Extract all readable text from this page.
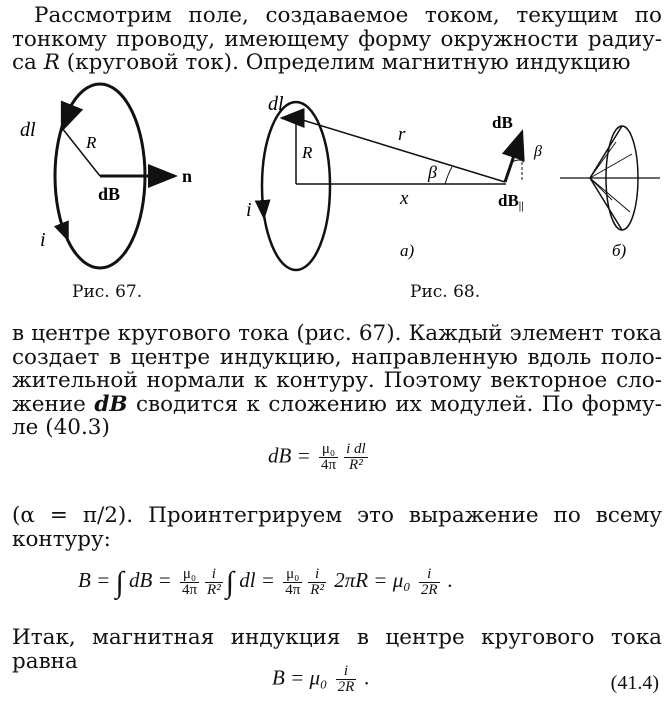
Рассмотрим поле, создаваемое током, текущим по
тонкому проводу, имеющему форму окружности радиу-
са R (круговой ток). Определим магнитную индукцию
dl
R
dB
n
i
dl
R
r
x
β
β
dB
dB||
i
а)	б)
Рис. 67.	Рис. 68.
в центре кругового тока (рис. 67). Каждый элемент тока
создает в центре индукцию, направленную вдоль поло-
жительной нормали к контуру. Поэтому векторное сло-
жение dB сводится к сложению их модулей. По форму-
ле (40.3)
dB = $\frac{\text{μ₀}}{4\pi} \frac{\text{i dl}}{\text{R²}}$
(α = π/2). Проинтегрируем это выражение по всему
контуру:
B = ∫ dB = $\frac{\text{μ₀}}{4\pi} \frac{i}{\text{R²}}$ ∫ dl = $\frac{\text{μ₀}}{4\pi} \frac{i}{\text{R²}} 2\pi R = \mu_0 \frac{i}{2R}$ .
Итак, магнитная индукция в центре кругового тока равна
$B = \mu_0 \frac{i}{2R}$ .	(41.4)
